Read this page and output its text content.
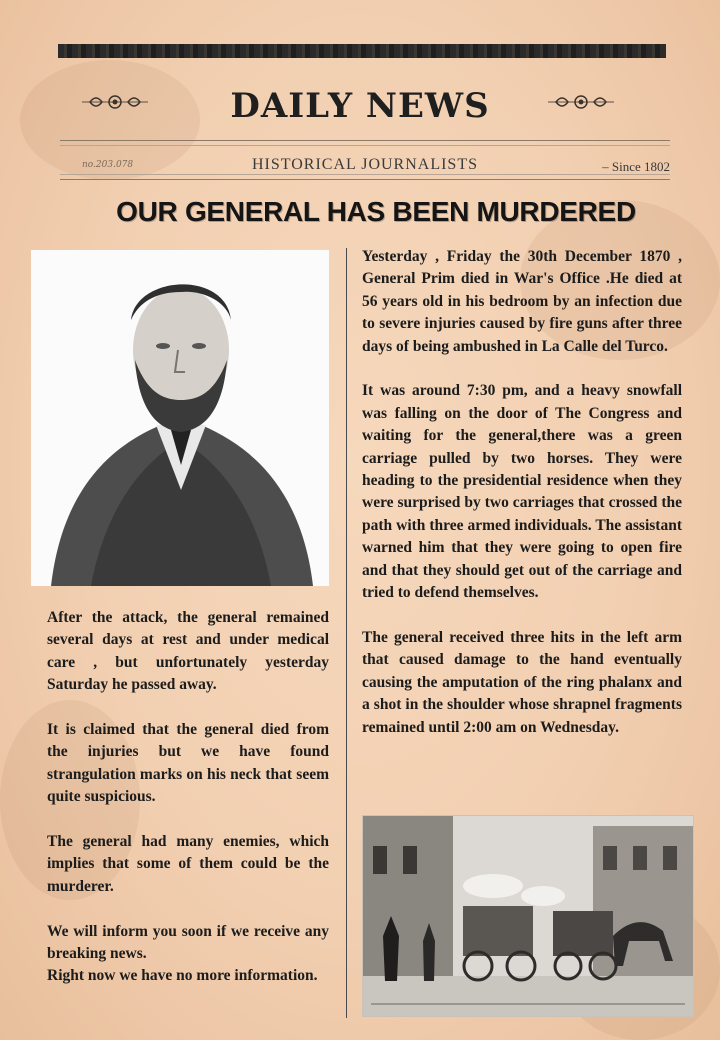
DAILY NEWS
no.203.078	HISTORICAL JOURNALISTS	– Since 1802
OUR GENERAL HAS BEEN MURDERED

After the attack, the general remained several days at rest and under medical care , but unfortunately yesterday Saturday he passed away.

It is claimed that the general died from the injuries but we have found strangulation marks on his neck that seem quite suspicious.

The general had many enemies, which implies that some of them could be the murderer.

We will inform you soon if we receive any breaking news.

Right now we have no more information.

Yesterday , Friday the 30th December 1870 , General Prim died in War's Office .He died at 56 years old in his bedroom by an infection due to severe injuries caused by fire guns after three days of being ambushed in La Calle del Turco.

It was around 7:30 pm, and a heavy snowfall was falling on the door of The Congress and waiting for the general,there was a green carriage pulled by two horses. They were heading to the presidential residence when they were surprised by two carriages that crossed the path with three armed individuals. The assistant warned him that they were going to open fire and that they should get out of the carriage and tried to defend themselves.

The general received three hits in the left arm that caused damage to the hand eventually causing the amputation of the ring phalanx and a shot in the shoulder whose shrapnel fragments remained until 2:00 am on Wednesday.
